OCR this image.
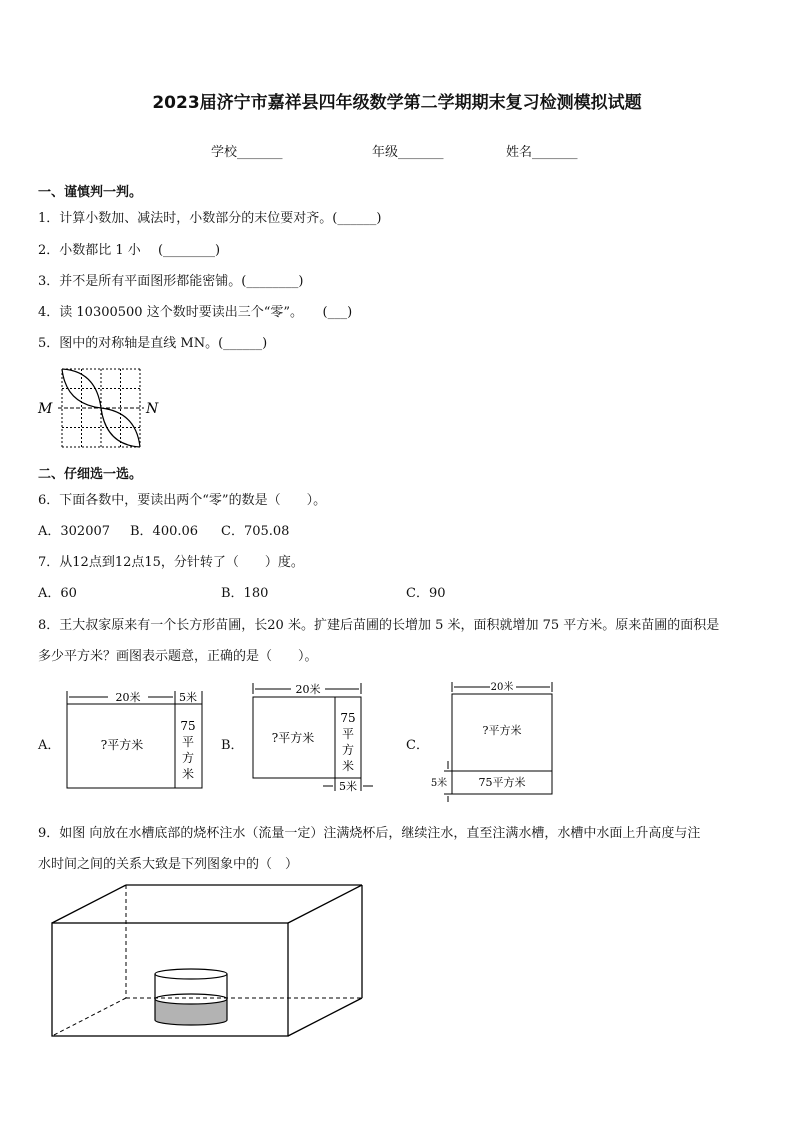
2023届济宁市嘉祥县四年级数学第二学期期末复习检测模拟试题
学校_______	年级_______	姓名_______
一、谨慎判一判。
1．计算小数加、减法时，小数部分的末位要对齐。(______)
2．小数都比 1 小　 (________)
3．并不是所有平面图形都能密铺。(________)
4．读 10300500 这个数时要读出三个“零”。　　(___)
5．图中的对称轴是直线 MN。(______)
M	N
二、仔细选一选。
6．下面各数中，要读出两个“零”的数是（　　）。
A．302007 B．400.06 C．705.08
7．从12点到12点15，分针转了（　　）度。
A．60	B．180	C．90
8．王大叔家原来有一个长方形苗圃，长20 米。扩建后苗圃的长增加 5 米，面积就增加 75 平方米。原来苗圃的面积是
多少平方米？画图表示题意，正确的是（　　）。
A．	B．	C．
20米	5米
?平方米
75
平
方
米
20米
5米
?平方米
75
平
方
米
20米
5米
?平方米
75平方米
9．如图 向放在水槽底部的烧杯注水（流量一定）注满烧杯后，继续注水，直至注满水槽，水槽中水面上升高度与注
水时间之间的关系大致是下列图象中的（　）
